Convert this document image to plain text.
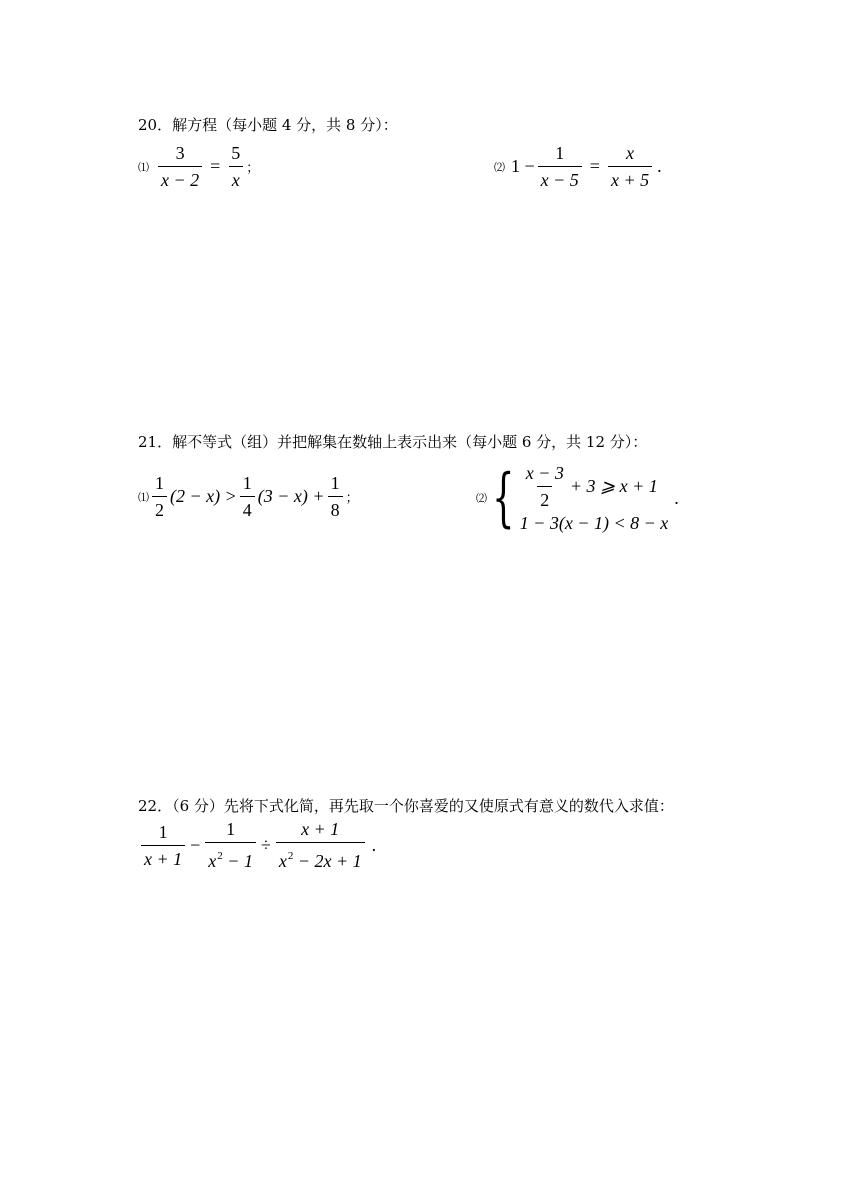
20．解方程（每小题 4 分，共 8 分）：
⑴ $\frac{3}{x - 2} = \frac{5}{x}$ ；	⑵ $1 - \frac{1}{x - 5} = \frac{x}{x + 5}$ .
21．解不等式（组）并把解集在数轴上表示出来（每小题 6 分，共 12 分）：
⑴ $\frac{1}{2} (2 - x) > \frac{1}{4} (3 - x) + \frac{1}{8}$ ；	⑵ { $\frac{x - 3}{2} + 3$ ⩾ x + 1
1 − 3(x − 1) < 8 − x
.
22．（6 分）先将下式化简，再先取一个你喜爱的又使原式有意义的数代入求值：
$\frac{1}{x + 1} - \frac{1}{x^2 - 1} \div \frac{x + 1}{x^2 - 2x + 1}$ .
